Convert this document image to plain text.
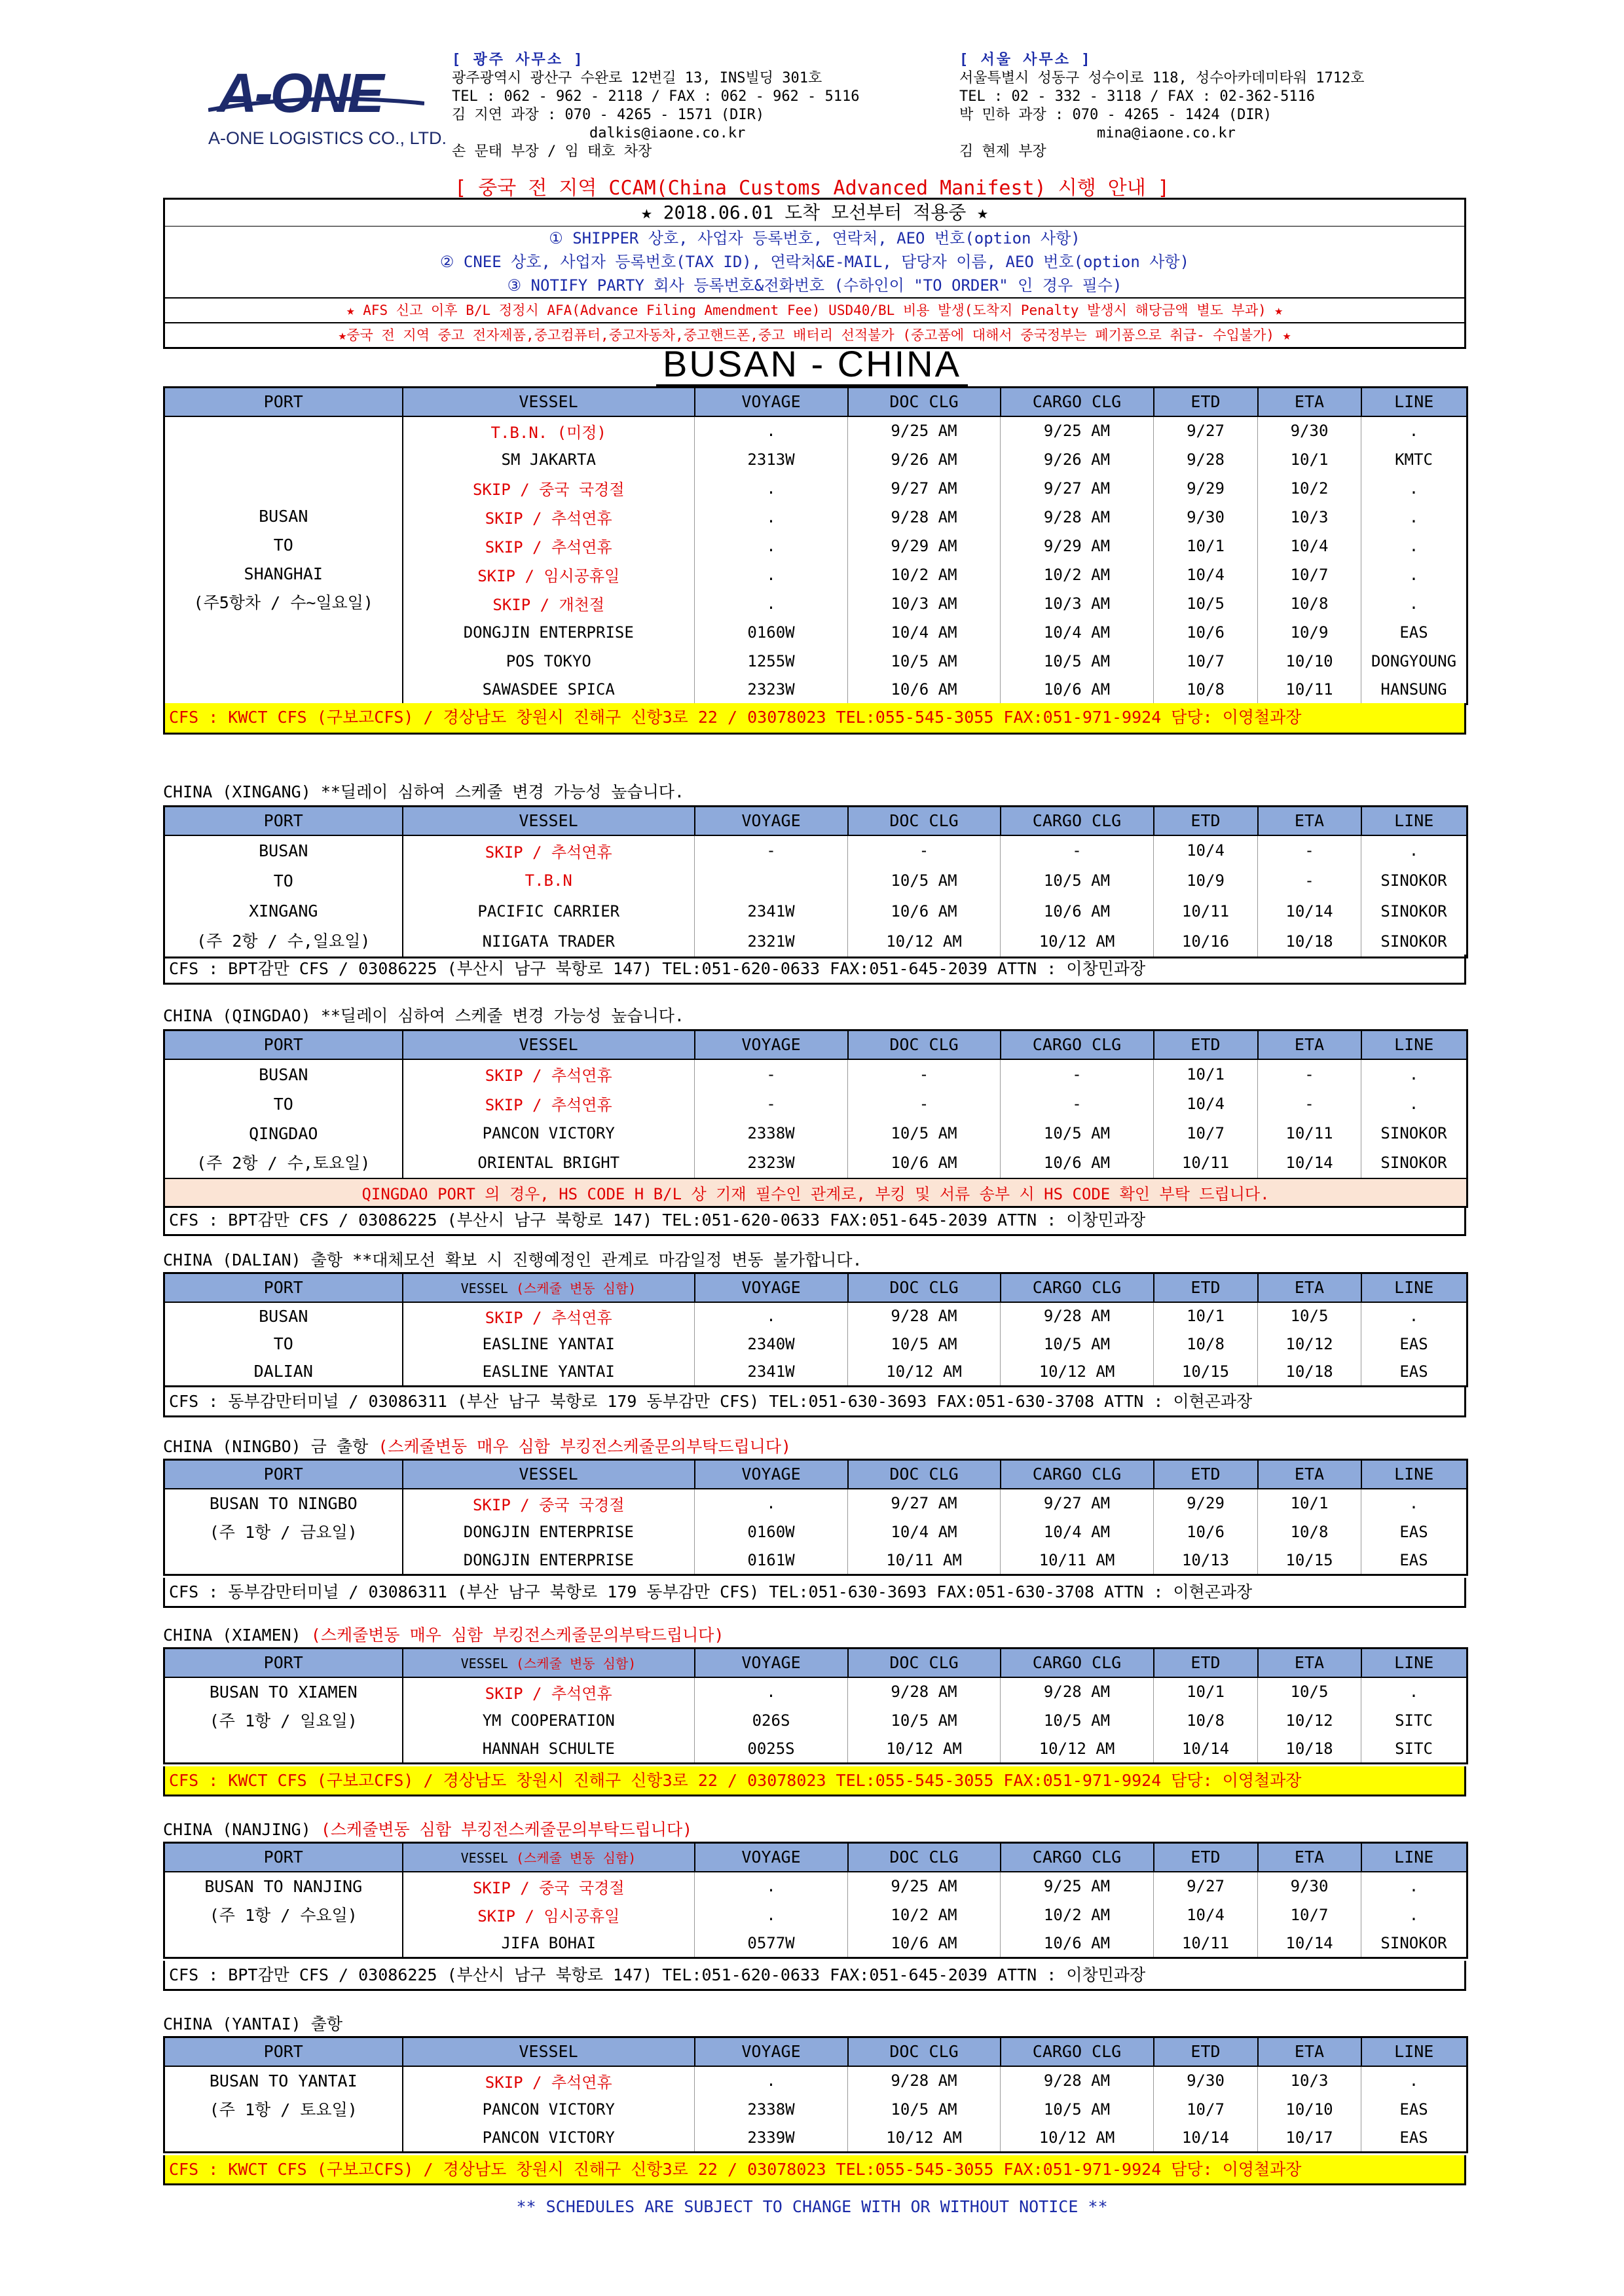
A-ONE
A-ONE LOGISTICS CO., LTD.
[ 광주 사무소 ]
광주광역시 광산구 수완로 12번길 13, INS빌딩 301호
TEL : 062 - 962 - 2118 / FAX : 062 - 962 - 5116
김 지연 과장 : 070 - 4265 - 1571 (DIR)
dalkis@iaone.co.kr
손 문태 부장 / 임 태호 차장
[ 서울 사무소 ]
서울특별시 성동구 성수이로 118, 성수아카데미타워 1712호
TEL : 02 - 332 - 3118 / FAX : 02-362-5116
박 민하 과장 : 070 - 4265 - 1424 (DIR)
mina@iaone.co.kr
김 현제 부장
[ 중국 전 지역 CCAM(China Customs Advanced Manifest) 시행 안내 ]
★ 2018.06.01 도착 모선부터 적용중 ★
① SHIPPER 상호, 사업자 등록번호, 연락처, AEO 번호(option 사항)
② CNEE 상호, 사업자 등록번호(TAX ID), 연락처&E-MAIL, 담당자 이름, AEO 번호(option 사항)
③ NOTIFY PARTY 회사 등록번호&전화번호 (수하인이 "TO ORDER" 인 경우 필수)
★ AFS 신고 이후 B/L 정정시 AFA(Advance Filing Amendment Fee) USD40/BL 비용 발생(도착지 Penalty 발생시 해당금액 별도 부과) ★
★중국 전 지역 중고 전자제품,중고컴퓨터,중고자동차,중고핸드폰,중고 배터리 선적불가 (중고품에 대해서 중국정부는 폐기품으로 취급- 수입불가) ★
BUSAN - CHINA
PORT	VESSEL	VOYAGE	DOC CLG	CARGO CLG	ETD	ETA	LINE

BUSAN
TO
SHANGHAI
(주5항차 / 수~일요일)	T.B.N. (미정)	.	9/25 AM	9/25 AM	9/27	9/30	.
	SM JAKARTA	2313W	9/26 AM	9/26 AM	9/28	10/1	KMTC
	SKIP / 중국 국경절	.	9/27 AM	9/27 AM	9/29	10/2	.
	SKIP / 추석연휴	.	9/28 AM	9/28 AM	9/30	10/3	.
	SKIP / 추석연휴	.	9/29 AM	9/29 AM	10/1	10/4	.
	SKIP / 임시공휴일	.	10/2 AM	10/2 AM	10/4	10/7	.
	SKIP / 개천절	.	10/3 AM	10/3 AM	10/5	10/8	.
	DONGJIN ENTERPRISE	0160W	10/4 AM	10/4 AM	10/6	10/9	EAS
	POS TOKYO	1255W	10/5 AM	10/5 AM	10/7	10/10	DONGYOUNG
	SAWASDEE SPICA	2323W	10/6 AM	10/6 AM	10/8	10/11	HANSUNG
CFS : KWCT CFS (구보고CFS) / 경상남도 창원시 진해구 신항3로 22 / 03078023 TEL:055-545-3055 FAX:051-971-9924 담당: 이영철과장
CHINA (XINGANG) **딜레이 심하여 스케줄 변경 가능성 높습니다.
PORT	VESSEL	VOYAGE	DOC CLG	CARGO CLG	ETD	ETA	LINE

BUSAN
TO
XINGANG
(주 2항 / 수,일요일)	SKIP / 추석연휴	-	-	-	10/4	-	.
	T.B.N		10/5 AM	10/5 AM	10/9	-	SINOKOR
	PACIFIC CARRIER	2341W	10/6 AM	10/6 AM	10/11	10/14	SINOKOR
	NIIGATA TRADER	2321W	10/12 AM	10/12 AM	10/16	10/18	SINOKOR
CFS : BPT감만 CFS / 03086225 (부산시 남구 북항로 147) TEL:051-620-0633 FAX:051-645-2039 ATTN : 이창민과장
CHINA (QINGDAO) **딜레이 심하여 스케줄 변경 가능성 높습니다.
PORT	VESSEL	VOYAGE	DOC CLG	CARGO CLG	ETD	ETA	LINE

BUSAN
TO
QINGDAO
(주 2항 / 수,토요일)	SKIP / 추석연휴	-	-	-	10/1	-	.
	SKIP / 추석연휴	-	-	-	10/4	-	.
	PANCON VICTORY	2338W	10/5 AM	10/5 AM	10/7	10/11	SINOKOR
	ORIENTAL BRIGHT	2323W	10/6 AM	10/6 AM	10/11	10/14	SINOKOR
QINGDAO PORT 의 경우, HS CODE H B/L 상 기재 필수인 관계로, 부킹 및 서류 송부 시 HS CODE 확인 부탁 드립니다.							
CFS : BPT감만 CFS / 03086225 (부산시 남구 북항로 147) TEL:051-620-0633 FAX:051-645-2039 ATTN : 이창민과장
CHINA (DALIAN) 출항 **대체모선 확보 시 진행예정인 관계로 마감일정 변동 불가합니다.
PORT	VESSEL (스케줄 변동 심함)	VOYAGE	DOC CLG	CARGO CLG	ETD	ETA	LINE

BUSAN
TO
DALIAN	SKIP / 추석연휴	.	9/28 AM	9/28 AM	10/1	10/5	.
	EASLINE YANTAI	2340W	10/5 AM	10/5 AM	10/8	10/12	EAS
	EASLINE YANTAI	2341W	10/12 AM	10/12 AM	10/15	10/18	EAS
CFS : 동부감만터미널 / 03086311 (부산 남구 북항로 179 동부감만 CFS) TEL:051-630-3693 FAX:051-630-3708 ATTN : 이현곤과장
CHINA (NINGBO) 금 출항 (스케줄변동 매우 심함 부킹전스케줄문의부탁드립니다)
PORT	VESSEL	VOYAGE	DOC CLG	CARGO CLG	ETD	ETA	LINE

BUSAN TO NINGBO
(주 1항 / 금요일)	SKIP / 중국 국경절	.	9/27 AM	9/27 AM	9/29	10/1	.
	DONGJIN ENTERPRISE	0160W	10/4 AM	10/4 AM	10/6	10/8	EAS
	DONGJIN ENTERPRISE	0161W	10/11 AM	10/11 AM	10/13	10/15	EAS
CFS : 동부감만터미널 / 03086311 (부산 남구 북항로 179 동부감만 CFS) TEL:051-630-3693 FAX:051-630-3708 ATTN : 이현곤과장
CHINA (XIAMEN) (스케줄변동 매우 심함 부킹전스케줄문의부탁드립니다)
PORT	VESSEL (스케줄 변동 심함)	VOYAGE	DOC CLG	CARGO CLG	ETD	ETA	LINE

BUSAN TO XIAMEN
(주 1항 / 일요일)	SKIP / 추석연휴	.	9/28 AM	9/28 AM	10/1	10/5	.
	YM COOPERATION	026S	10/5 AM	10/5 AM	10/8	10/12	SITC
	HANNAH SCHULTE	0025S	10/12 AM	10/12 AM	10/14	10/18	SITC
CFS : KWCT CFS (구보고CFS) / 경상남도 창원시 진해구 신항3로 22 / 03078023 TEL:055-545-3055 FAX:051-971-9924 담당: 이영철과장
CHINA (NANJING) (스케줄변동 심함 부킹전스케줄문의부탁드립니다)
PORT	VESSEL (스케줄 변동 심함)	VOYAGE	DOC CLG	CARGO CLG	ETD	ETA	LINE

BUSAN TO NANJING
(주 1항 / 수요일)	SKIP / 중국 국경절	.	9/25 AM	9/25 AM	9/27	9/30	.
	SKIP / 임시공휴일	.	10/2 AM	10/2 AM	10/4	10/7	.
	JIFA BOHAI	0577W	10/6 AM	10/6 AM	10/11	10/14	SINOKOR
CFS : BPT감만 CFS / 03086225 (부산시 남구 북항로 147) TEL:051-620-0633 FAX:051-645-2039 ATTN : 이창민과장
CHINA (YANTAI) 출항
PORT	VESSEL	VOYAGE	DOC CLG	CARGO CLG	ETD	ETA	LINE

BUSAN TO YANTAI
(주 1항 / 토요일)	SKIP / 추석연휴	.	9/28 AM	9/28 AM	9/30	10/3	.
	PANCON VICTORY	2338W	10/5 AM	10/5 AM	10/7	10/10	EAS
	PANCON VICTORY	2339W	10/12 AM	10/12 AM	10/14	10/17	EAS
CFS : KWCT CFS (구보고CFS) / 경상남도 창원시 진해구 신항3로 22 / 03078023 TEL:055-545-3055 FAX:051-971-9924 담당: 이영철과장
** SCHEDULES ARE SUBJECT TO CHANGE WITH OR WITHOUT NOTICE **
